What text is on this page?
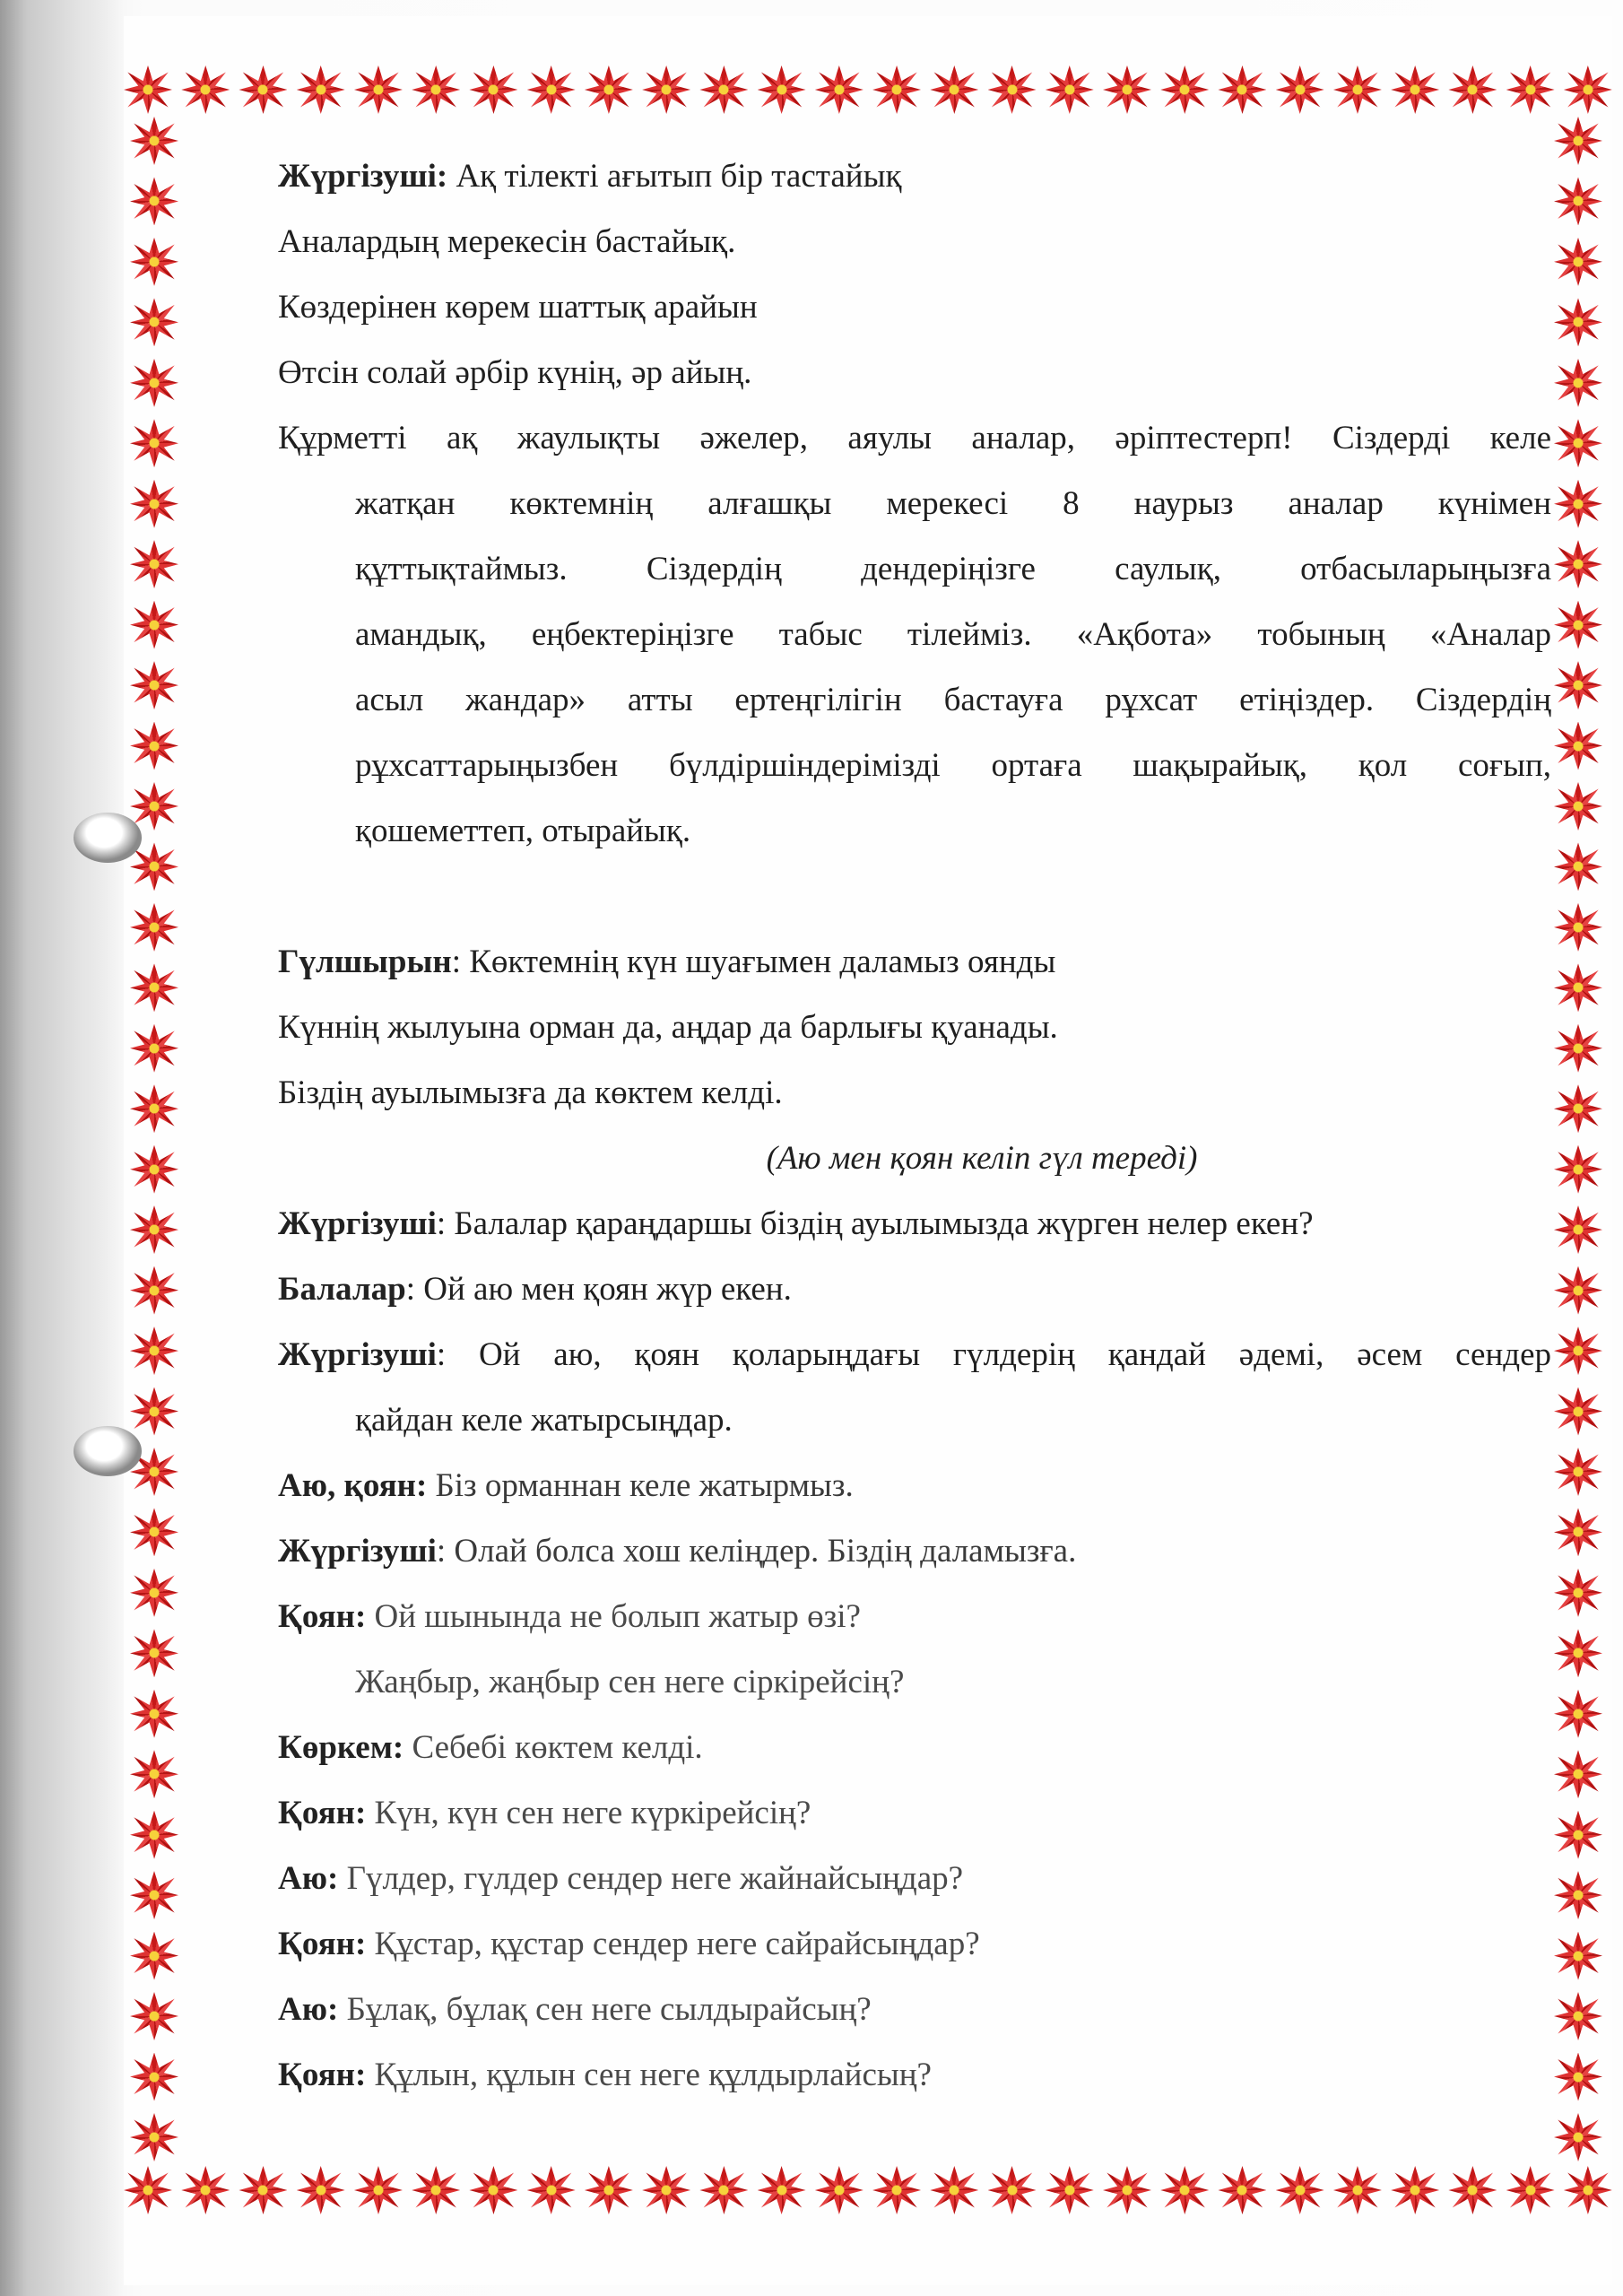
Жүргізуші: Ақ тілекті ағытып бір тастайық
Аналардың мерекесін бастайық.
Көздерінен көрем шаттық арайын
Өтсін солай әрбір күнің, әр айың.
Құрметті ақ жаулықты әжелер, аяулы аналар, әріптестерп! Сіздерді келе
жатқан көктемнің алғашқы мерекесі 8 наурыз аналар күнімен
құттықтаймыз. Сіздердің дендеріңізге саулық, отбасыларыңызға
амандық, еңбектеріңізге табыс тілейміз. «Ақбота» тобының «Аналар
асыл жандар» атты ертеңгілігін бастауға рұхсат етіңіздер. Сіздердің
рұхсаттарыңызбен бүлдіршіндерімізді ортаға шақырайық, қол соғып,
қошеметтеп, отырайық.
Гүлшырын: Көктемнің күн шуағымен даламыз оянды
Күннің жылуына орман да, аңдар да барлығы қуанады.
Біздің ауылымызға да көктем келді.
(Аю мен қоян келіп гүл тереді)
Жүргізуші: Балалар қараңдаршы біздің ауылымызда жүрген нелер екен?
Балалар: Ой аю мен қоян жүр екен.
Жүргізуші : Ой аю, қоян қоларыңдағы гүлдерің қандай әдемі, әсем сендер
қайдан келе жатырсыңдар.
Аю, қоян: Біз орманнан келе жатырмыз.
Жүргізуші: Олай болса хош келіңдер. Біздің даламызға.
Қоян: Ой шынында не болып жатыр өзі?
Жаңбыр, жаңбыр сен неге сіркірейсің?
Көркем: Себебі көктем келді.
Қоян: Күн, күн сен неге күркірейсің?
Аю: Гүлдер, гүлдер сендер неге жайнайсыңдар?
Қоян: Құстар, құстар сендер неге сайрайсыңдар?
Аю: Бұлақ, бұлақ сен неге сылдырайсың?
Қоян: Құлын, құлын сен неге құлдырлайсың?
